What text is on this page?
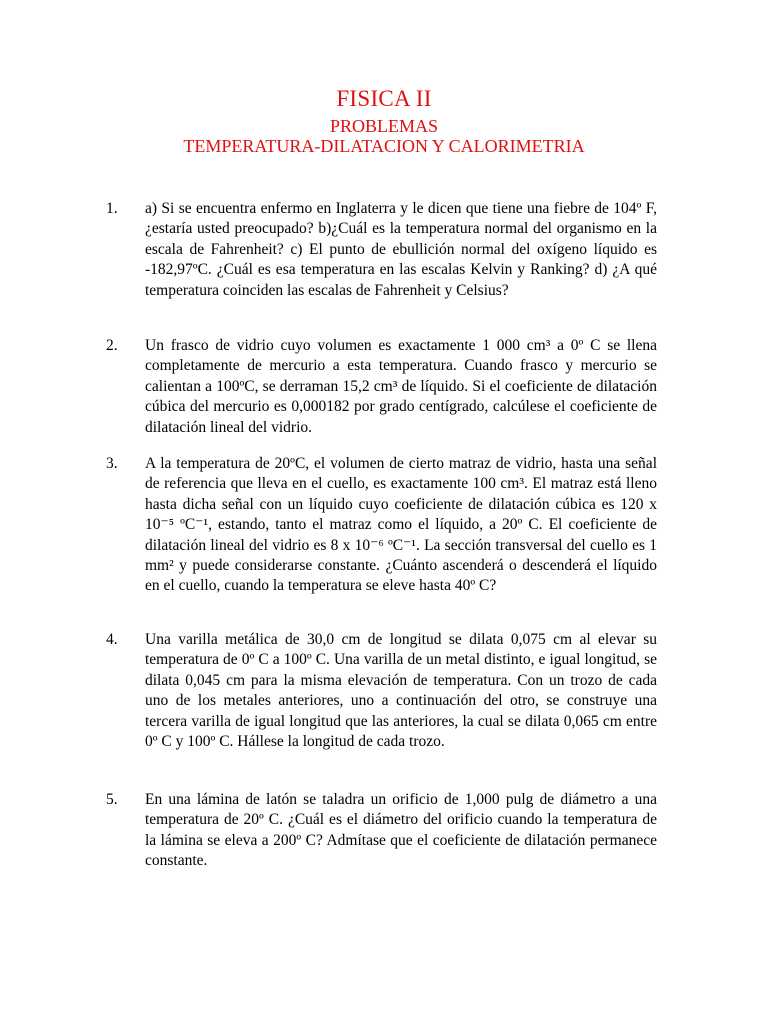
FISICA II
PROBLEMAS
TEMPERATURA-DILATACION Y CALORIMETRIA
1. a) Si se encuentra enfermo en Inglaterra y le dicen que tiene una fiebre de 104º F, ¿estaría usted preocupado? b)¿Cuál es la temperatura normal del organismo en la escala de Fahrenheit? c) El punto de ebullición normal del oxígeno líquido es -182,97ºC. ¿Cuál es esa temperatura en las escalas Kelvin y Ranking? d) ¿A qué temperatura coinciden las escalas de Fahrenheit y Celsius?

2. Un frasco de vidrio cuyo volumen es exactamente 1 000 cm³ a 0º C se llena completamente de mercurio a esta temperatura. Cuando frasco y mercurio se calientan a 100ºC, se derraman 15,2 cm³ de líquido. Si el coeficiente de dilatación cúbica del mercurio es 0,000182 por grado centígrado, calcúlese el coeficiente de dilatación lineal del vidrio.

3. A la temperatura de 20ºC, el volumen de cierto matraz de vidrio, hasta una señal de referencia que lleva en el cuello, es exactamente 100 cm³. El matraz está lleno hasta dicha señal con un líquido cuyo coeficiente de dilatación cúbica es 120 x 10⁻⁵ ºC⁻¹, estando, tanto el matraz como el líquido, a 20º C. El coeficiente de dilatación lineal del vidrio es 8 x 10⁻⁶ ºC⁻¹. La sección transversal del cuello es 1 mm² y puede considerarse constante. ¿Cuánto ascenderá o descenderá el líquido en el cuello, cuando la temperatura se eleve hasta 40º C?

4. Una varilla metálica de 30,0 cm de longitud se dilata 0,075 cm al elevar su temperatura de 0º C a 100º C. Una varilla de un metal distinto, e igual longitud, se dilata 0,045 cm para la misma elevación de temperatura. Con un trozo de cada uno de los metales anteriores, uno a continuación del otro, se construye una tercera varilla de igual longitud que las anteriores, la cual se dilata 0,065 cm entre 0º C y 100º C. Hállese la longitud de cada trozo.

5. En una lámina de latón se taladra un orificio de 1,000 pulg de diámetro a una temperatura de 20º C. ¿Cuál es el diámetro del orificio cuando la temperatura de la lámina se eleva a 200º C? Admítase que el coeficiente de dilatación permanece constante.
